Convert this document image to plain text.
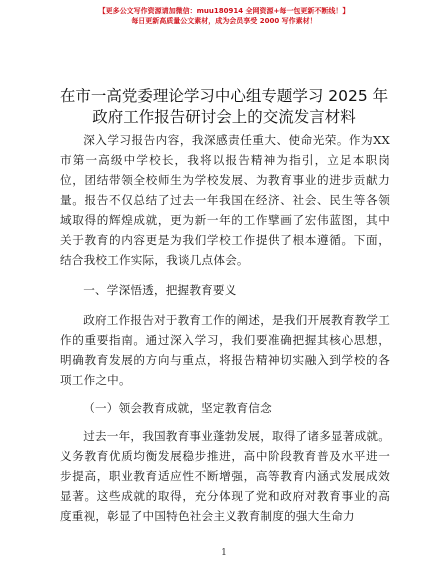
【更多公文写作资源请加微信：muu180914 全网资源+每一包更新不断线！】
每日更新高质量公文素材，成为会员享受 2000 写作素材！
在市一高党委理论学习中心组专题学习 2025 年
政府工作报告研讨会上的交流发言材料

深入学习报告内容，我深感责任重大、使命光荣。作为XX市第一高级中学校长，我将以报告精神为指引，立足本职岗位，团结带领全校师生为学校发展、为教育事业的进步贡献力量。报告不仅总结了过去一年我国在经济、社会、民生等各领域取得的辉煌成就，更为新一年的工作擘画了宏伟蓝图，其中关于教育的内容更是为我们学校工作提供了根本遵循。下面，结合我校工作实际，我谈几点体会。

一、学深悟透，把握教育要义

政府工作报告对于教育工作的阐述，是我们开展教育教学工作的重要指南。通过深入学习，我们要准确把握其核心思想，明确教育发展的方向与重点，将报告精神切实融入到学校的各项工作之中。

（一）领会教育成就，坚定教育信念

过去一年，我国教育事业蓬勃发展，取得了诸多显著成就。义务教育优质均衡发展稳步推进，高中阶段教育普及水平进一步提高，职业教育适应性不断增强，高等教育内涵式发展成效显著。这些成就的取得，充分体现了党和政府对教育事业的高度重视，彰显了中国特色社会主义教育制度的强大生命力

1
